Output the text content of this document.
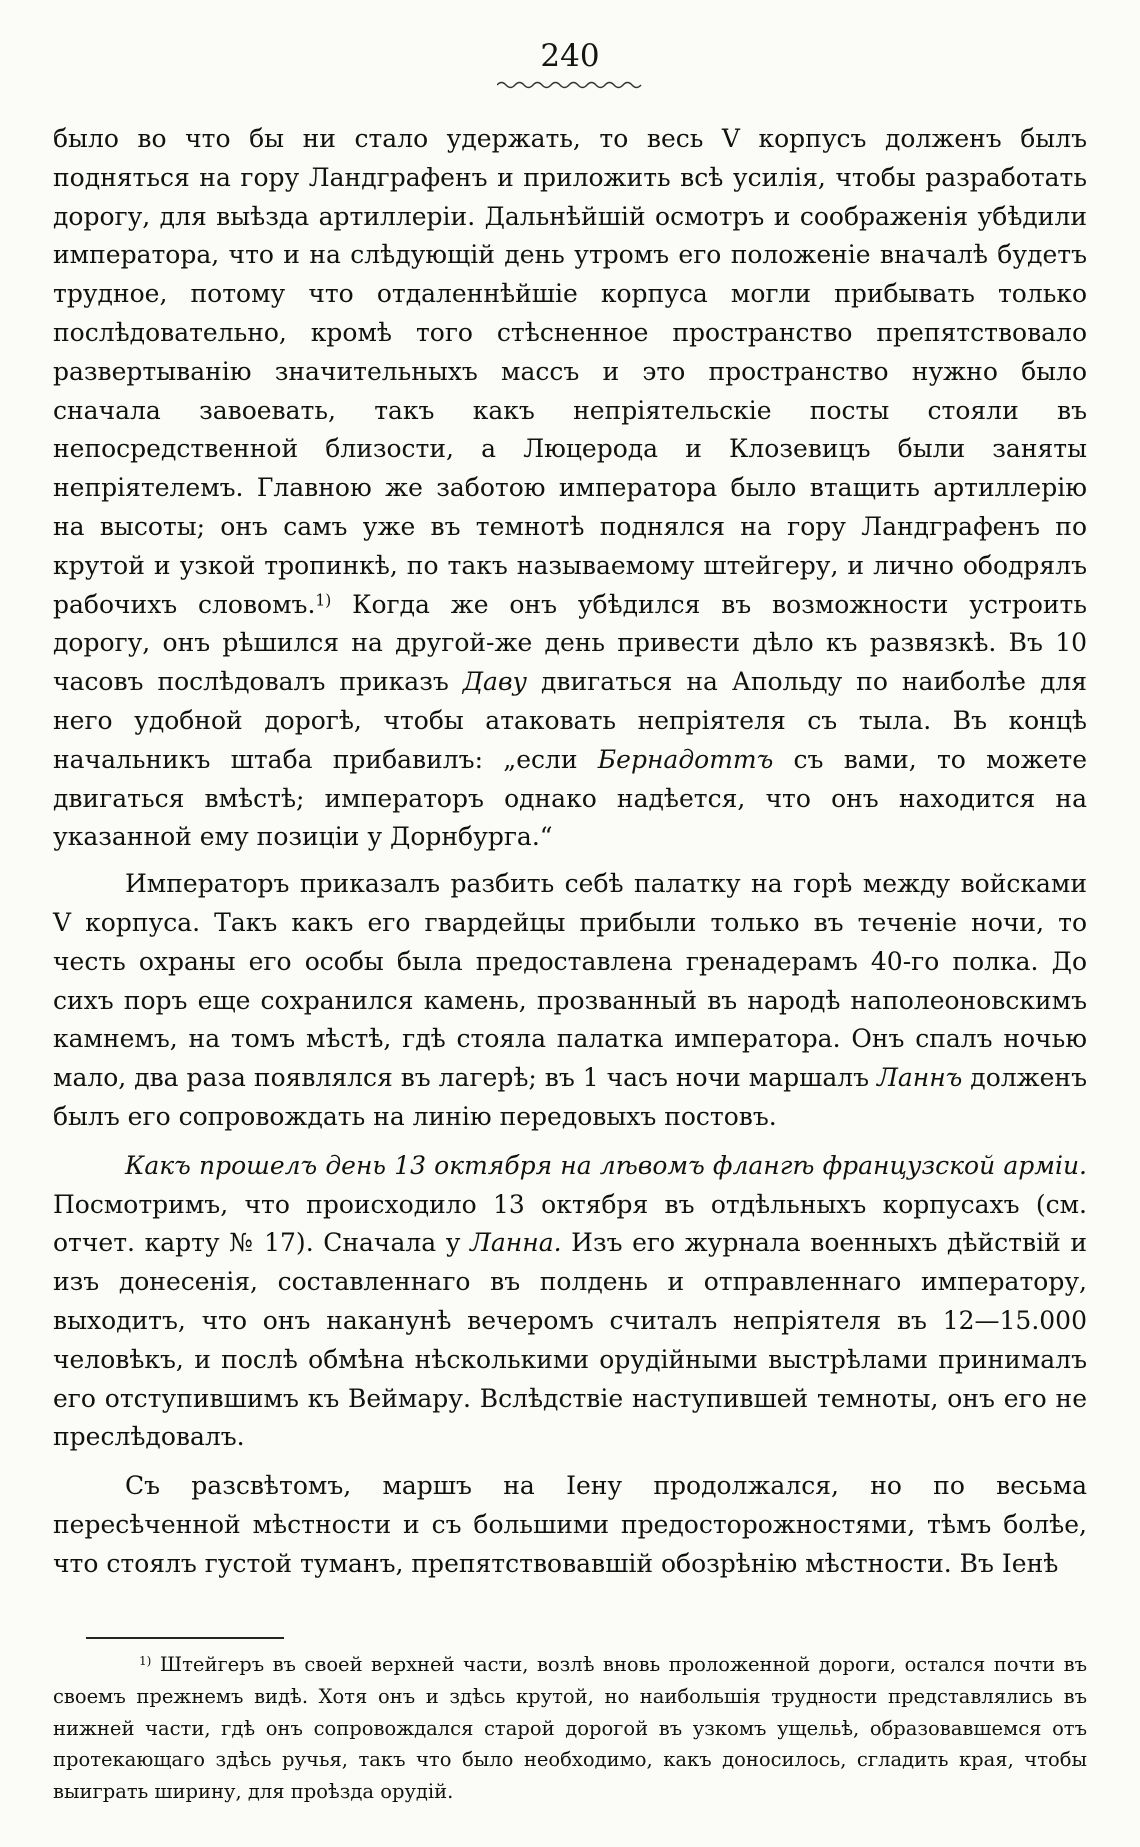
240

было во что бы ни стало удержать, то весь V корпусъ долженъ былъ подняться на гору Ландграфенъ и приложить всѣ усилія, чтобы разработать дорогу, для выѣзда артиллеріи. Дальнѣйшій осмотръ и соображенія убѣдили императора, что и на слѣдующій день утромъ его положеніе вначалѣ будетъ трудное, потому что отдаленнѣйшіе корпуса могли прибывать только послѣдовательно, кромѣ того стѣсненное пространство препятствовало развертыванію значительныхъ массъ и это пространство нужно было сначала завоевать, такъ какъ непріятельскіе посты стояли въ непосредственной близости, а Люцерода и Клозевицъ были заняты непріятелемъ. Главною же заботою императора было втащить артиллерію на высоты; онъ самъ уже въ темнотѣ поднялся на гору Ландграфенъ по крутой и узкой тропинкѣ, по такъ называемому штейгеру, и лично ободрялъ рабочихъ словомъ.$^{1)}$ Когда же онъ убѣдился въ возможности устроить дорогу, онъ рѣшился на другой-же день привести дѣло къ развязкѣ. Въ 10 часовъ послѣдовалъ приказъ Даву двигаться на Апольду по наиболѣе для него удобной дорогѣ, чтобы атаковать непріятеля съ тыла. Въ концѣ начальникъ штаба прибавилъ: „если Бернадоттъ съ вами, то можете двигаться вмѣстѣ; императоръ однако надѣется, что онъ находится на указанной ему позиціи у Дорнбурга.“

Императоръ приказалъ разбить себѣ палатку на горѣ между войсками V корпуса. Такъ какъ его гвардейцы прибыли только въ теченіе ночи, то честь охраны его особы была предоставлена гренадерамъ 40-го полка. До сихъ поръ еще сохранился камень, прозванный въ народѣ наполеоновскимъ камнемъ, на томъ мѣстѣ, гдѣ стояла палатка императора. Онъ спалъ ночью мало, два раза появлялся въ лагерѣ; въ 1 часъ ночи маршалъ Ланнъ долженъ былъ его сопровождать на линію передовыхъ постовъ.

Какъ прошелъ день 13 октября на лѣвомъ флангѣ французской арміи. Посмотримъ, что происходило 13 октября въ отдѣльныхъ корпусахъ (см. отчет. карту № 17). Сначала у Ланна. Изъ его журнала военныхъ дѣйствій и изъ донесенія, составленнаго въ полдень и отправленнаго императору, выходитъ, что онъ наканунѣ вечеромъ считалъ непріятеля въ 12—15.000 человѣкъ, и послѣ обмѣна нѣсколькими орудійными выстрѣлами принималъ его отступившимъ къ Веймару. Вслѣдствіе наступившей темноты, онъ его не преслѣдовалъ.

Съ разсвѣтомъ, маршъ на Іену продолжался, но по весьма пересѣченной мѣстности и съ большими предосторожностями, тѣмъ болѣе, что стоялъ густой туманъ, препятствовавшій обозрѣнію мѣстности. Въ Іенѣ

$^{1)}$ Штейгеръ въ своей верхней части, возлѣ вновь проложенной дороги, остался почти въ своемъ прежнемъ видѣ. Хотя онъ и здѣсь крутой, но наибольшія трудности представлялись въ нижней части, гдѣ онъ сопровождался старой дорогой въ узкомъ ущельѣ, образовавшемся отъ протекающаго здѣсь ручья, такъ что было необходимо, какъ доносилось, сгладить края, чтобы выиграть ширину, для проѣзда орудій.
